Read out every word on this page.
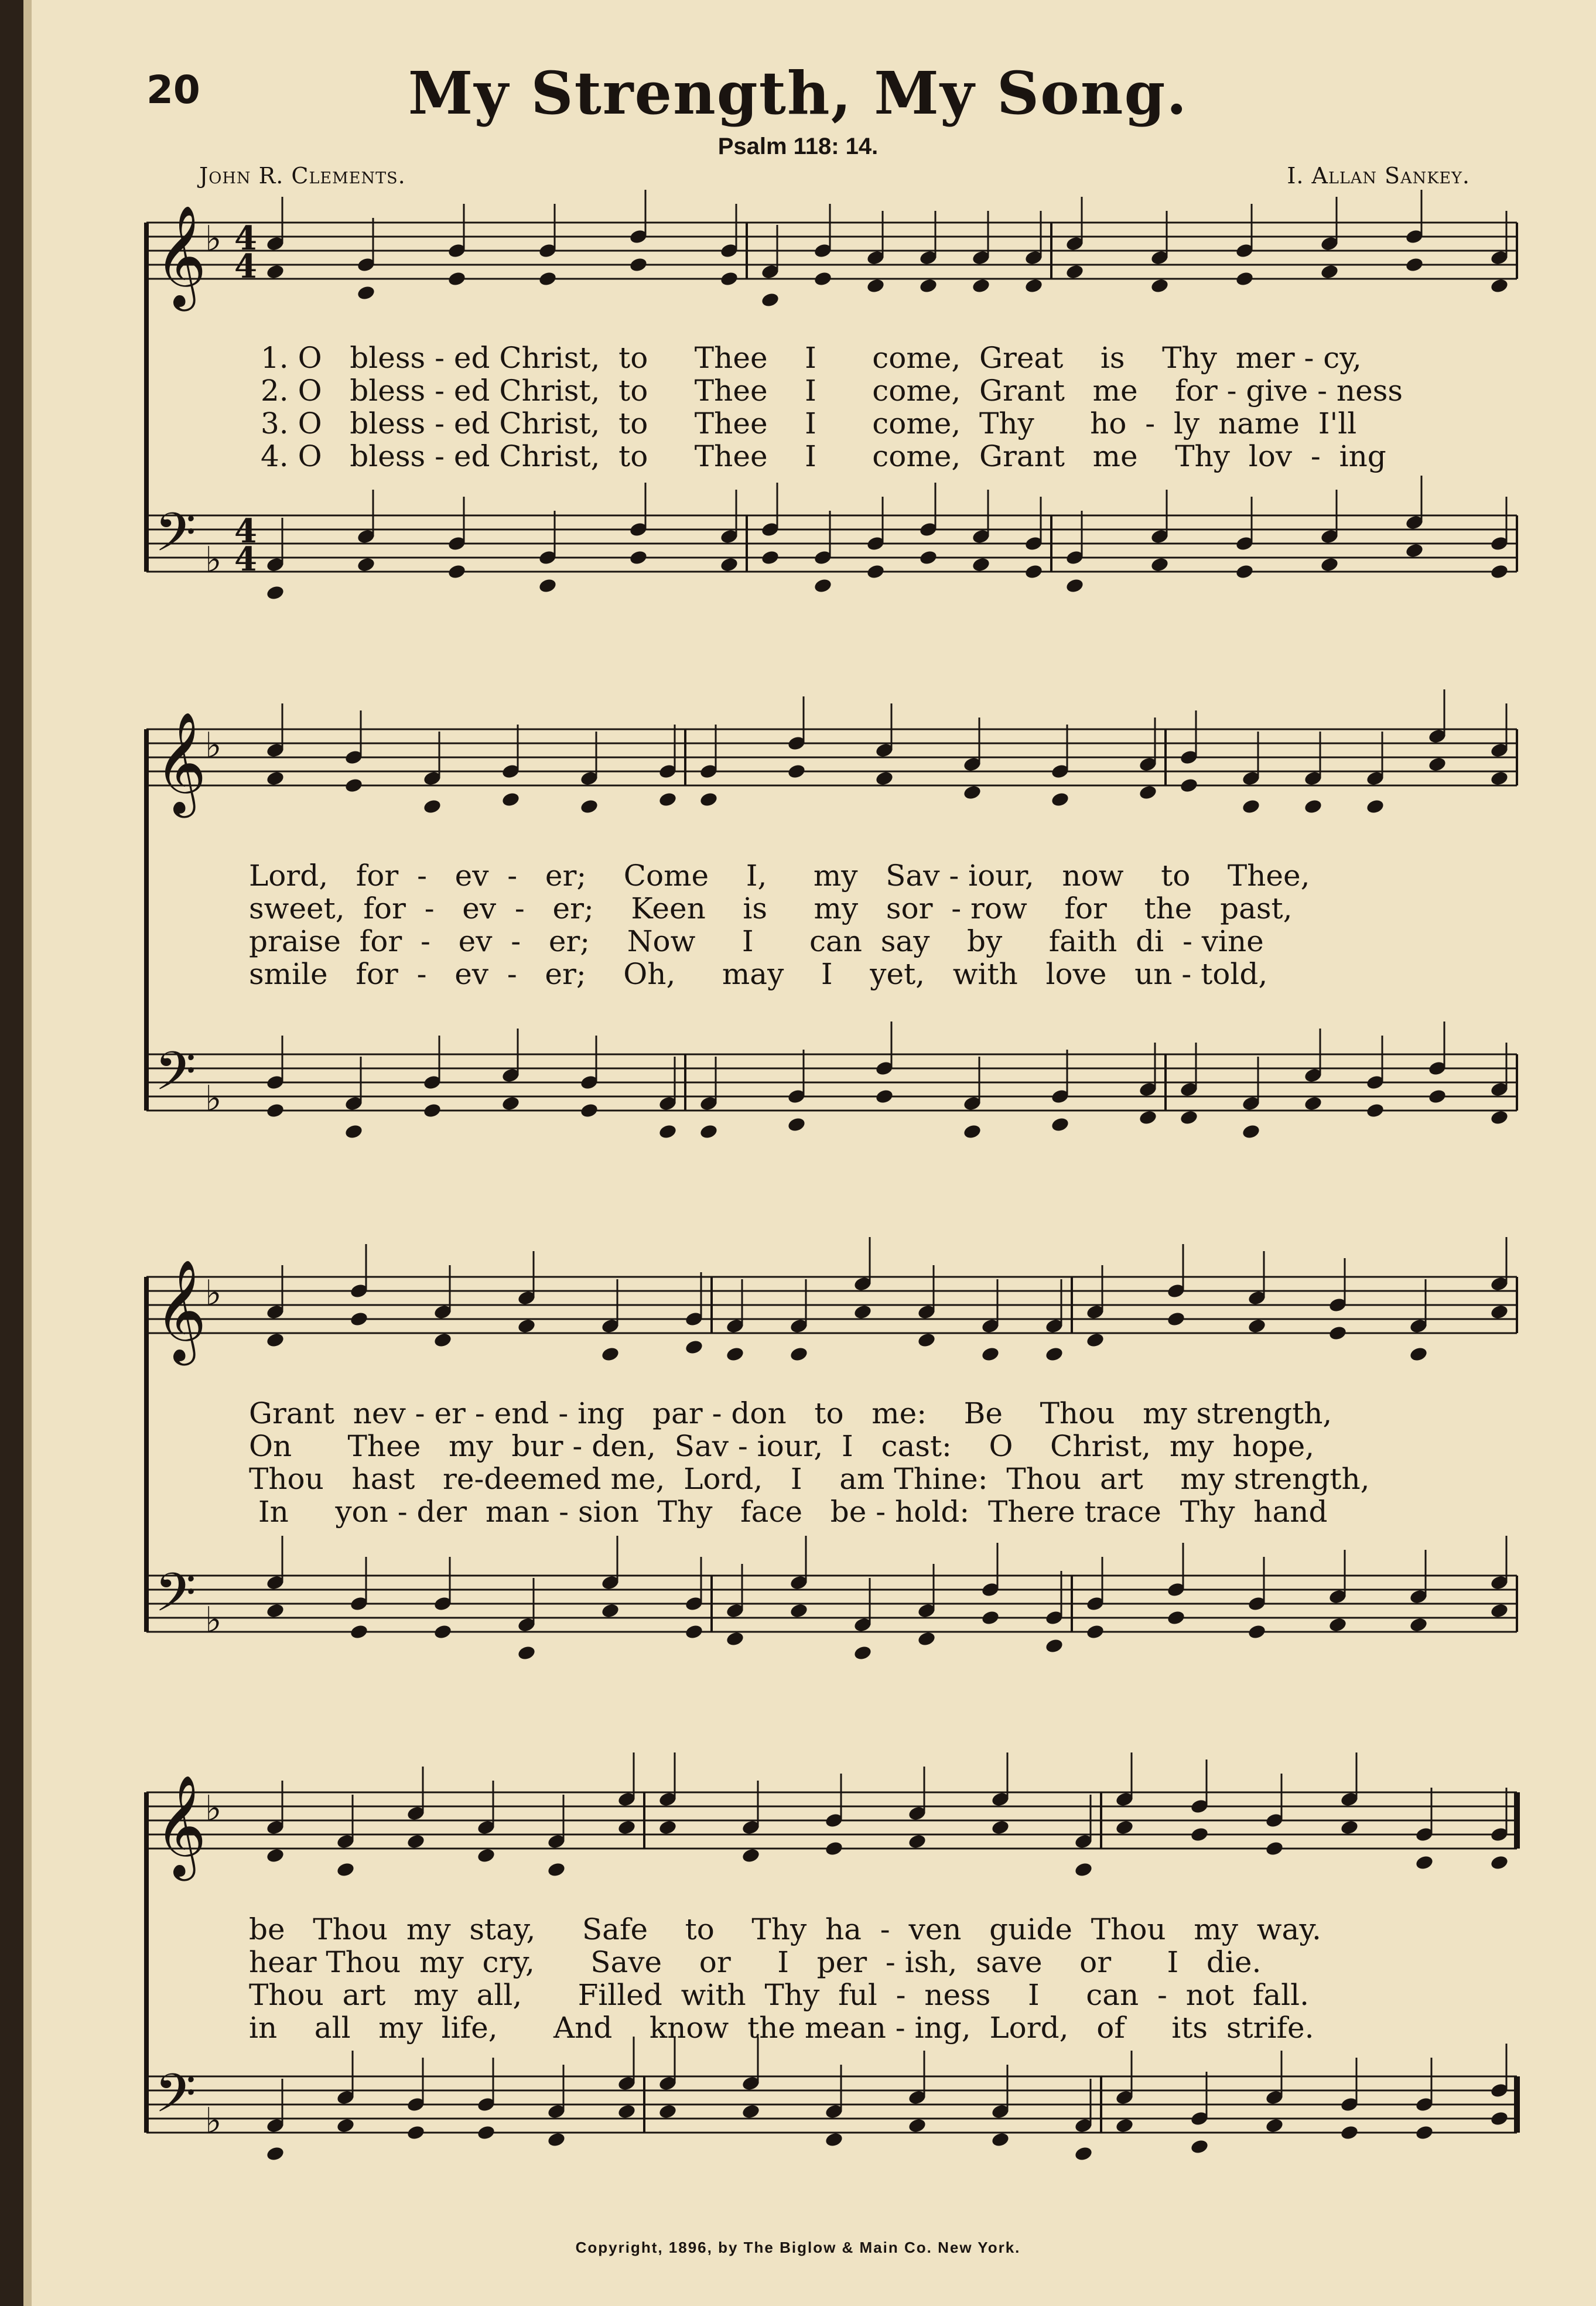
20	My Strength, My Song.
Psalm 118: 14.
John R. Clements.	I. Allan Sankey.
𝄞
𝄢
♭
♭
4
4
4
4
𝄞
𝄢
♭
♭
𝄞
𝄢
♭
♭
𝄞
𝄢
♭
♭
1. O   bless - ed Christ,  to     Thee    I      come,  Great    is    Thy  mer - cy,
2. O   bless - ed Christ,  to     Thee    I      come,  Grant   me    for - give - ness
3. O   bless - ed Christ,  to     Thee    I      come,  Thy      ho  -  ly  name  I'll
4. O   bless - ed Christ,  to     Thee    I      come,  Grant   me    Thy  lov  -  ing
Lord,   for  -   ev  -   er;    Come    I,     my   Sav - iour,   now    to    Thee,
sweet,  for  -   ev  -   er;    Keen    is     my   sor  - row    for    the   past,
praise  for  -   ev  -   er;    Now     I      can  say    by     faith  di  - vine
smile   for  -   ev  -   er;    Oh,     may    I    yet,   with   love   un - told,
Grant  nev - er - end - ing   par - don   to   me:    Be    Thou   my strength,
On      Thee   my  bur - den,  Sav - iour,  I   cast:    O    Christ,  my  hope,
Thou   hast   re-deemed me,  Lord,   I    am Thine:  Thou  art    my strength,
In     yon - der  man - sion  Thy   face   be - hold:  There trace  Thy  hand
be   Thou  my  stay,     Safe    to    Thy  ha  -  ven   guide  Thou   my  way.
hear Thou  my  cry,      Save    or     I   per  - ish,  save    or      I   die.
Thou  art   my  all,      Filled  with  Thy  ful  -  ness    I     can  -  not  fall.
in    all   my  life,      And    know  the mean - ing,  Lord,   of     its  strife.
Copyright, 1896, by The Biglow & Main Co. New York.
